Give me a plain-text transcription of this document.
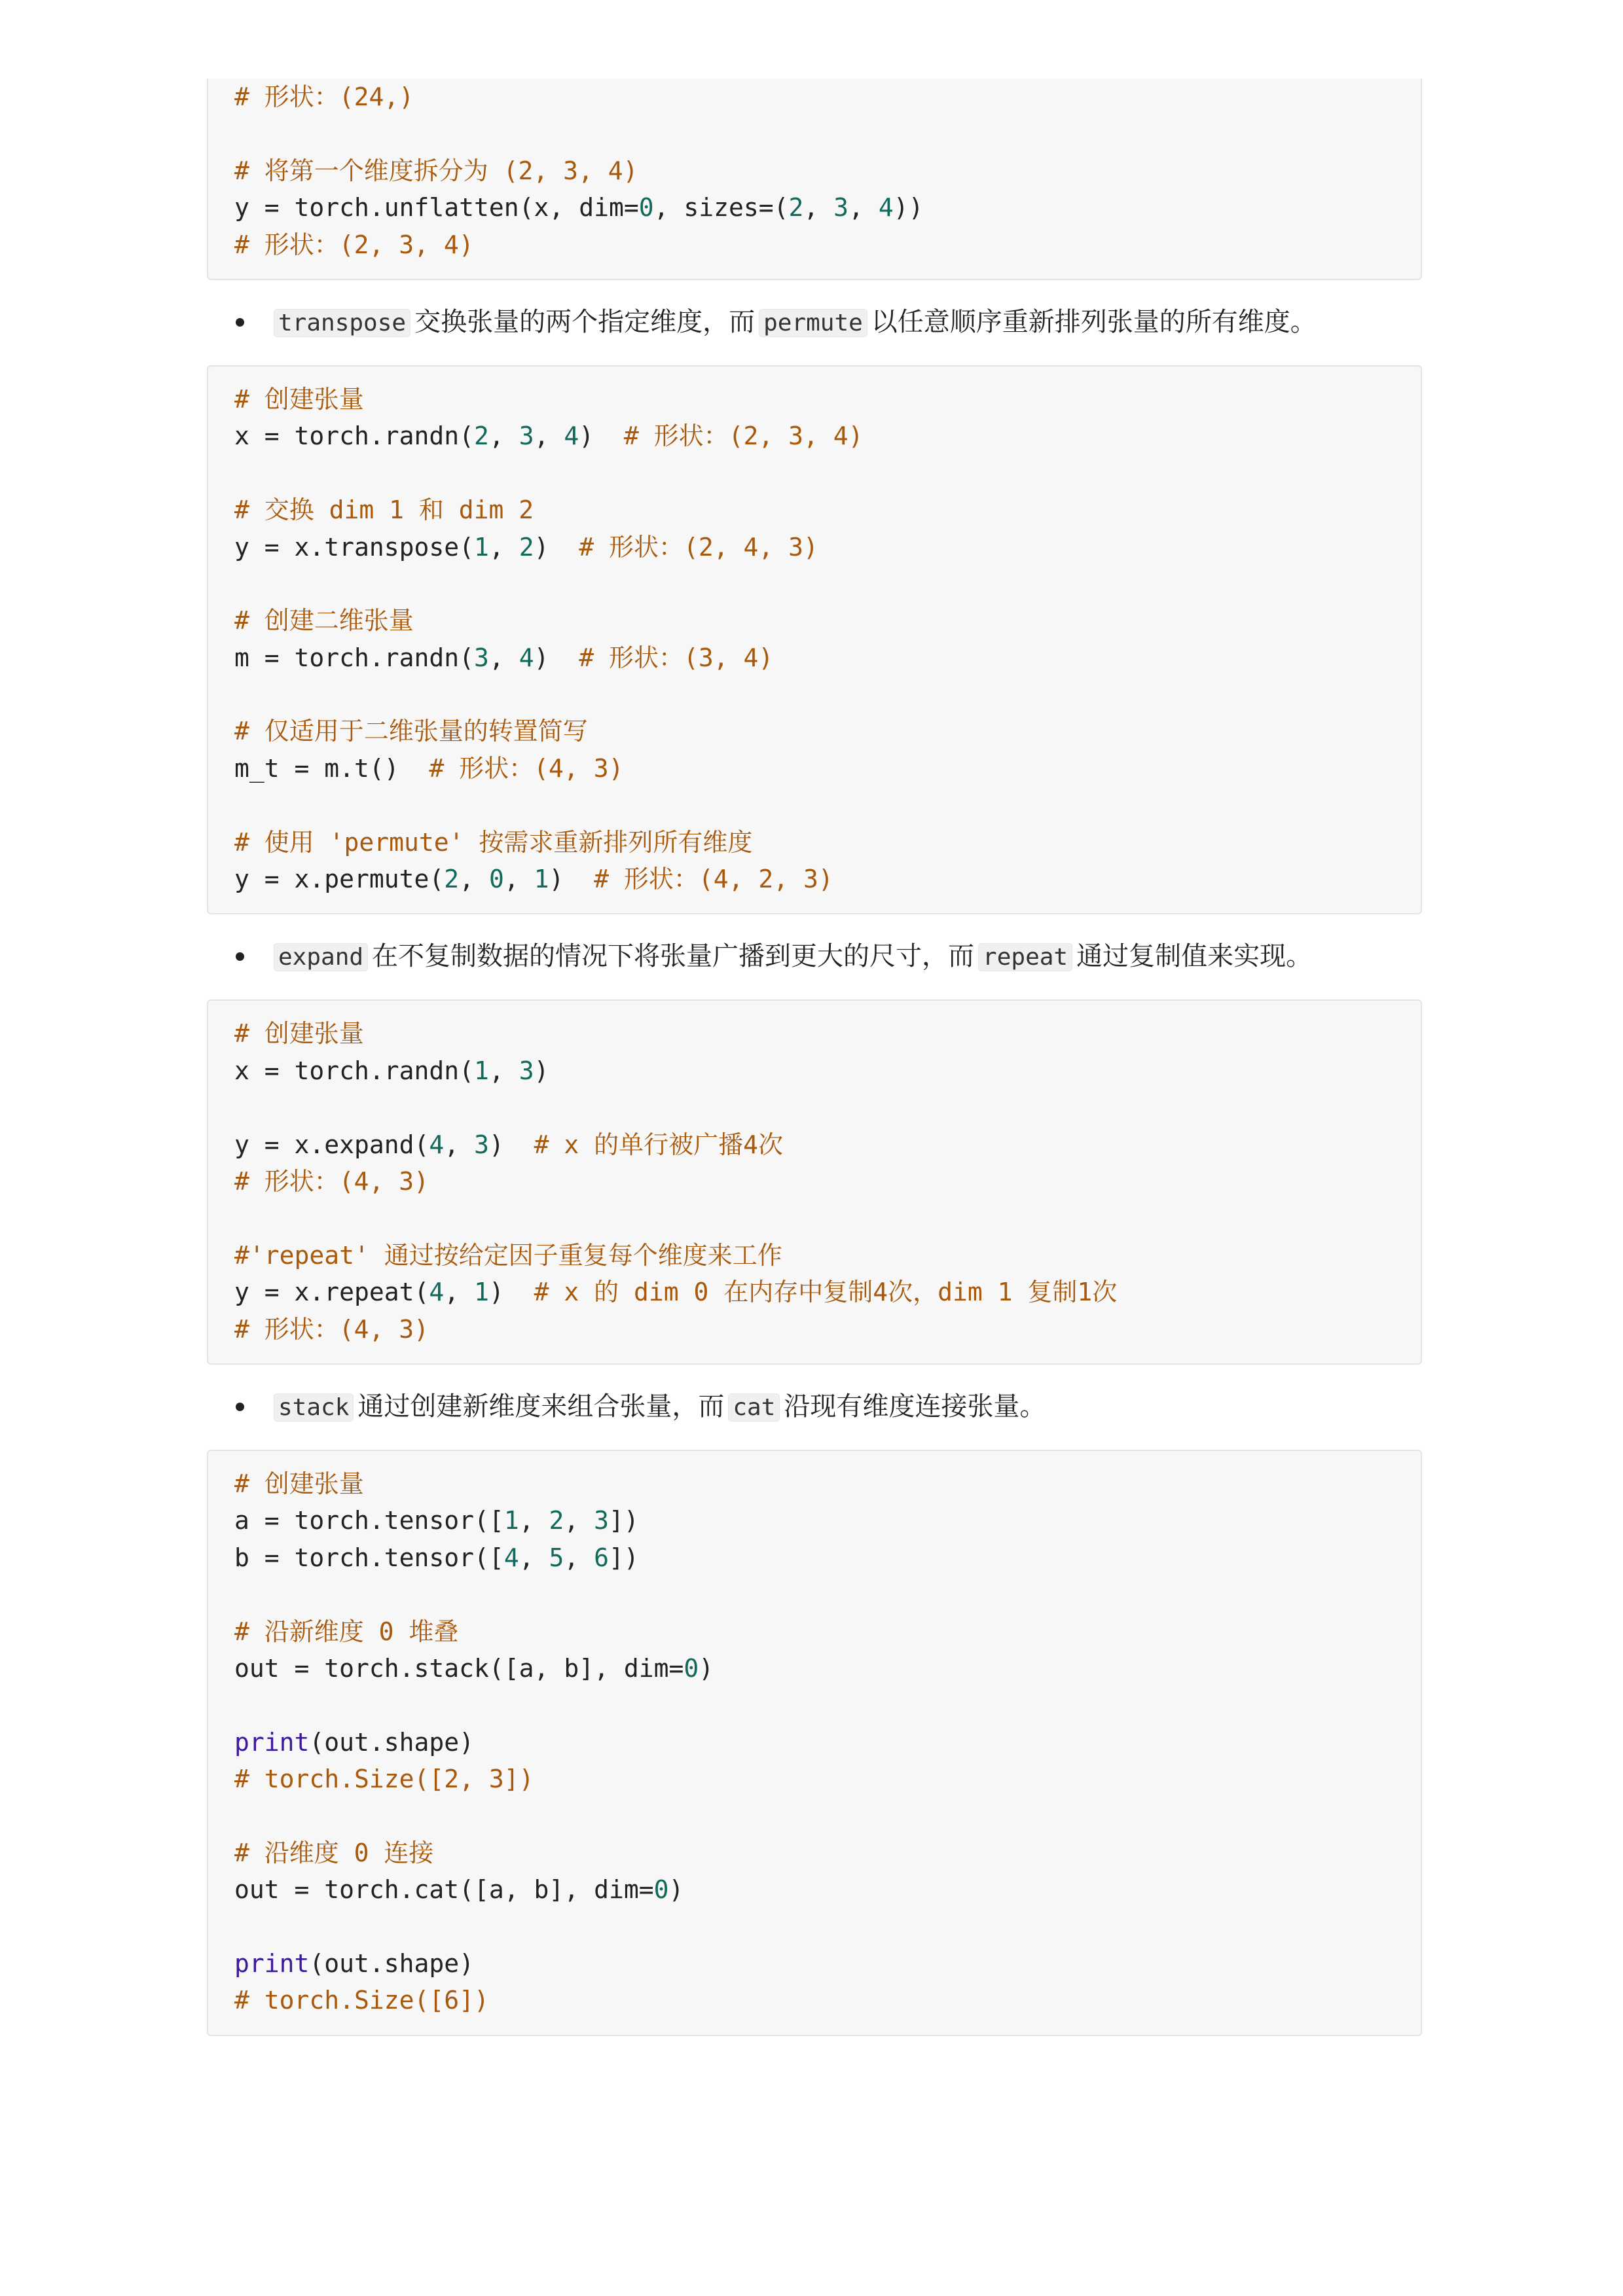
# 形状：(24,)

# 将第一个维度拆分为 (2, 3, 4)
y = torch.unflatten(x, dim=0, sizes=(2, 3, 4))
# 形状：(2, 3, 4)
transpose 交换张量的两个指定维度，而 permute 以任意顺序重新排列张量的所有维度。
# 创建张量
x = torch.randn(2, 3, 4)  # 形状：(2, 3, 4)

# 交换 dim 1 和 dim 2
y = x.transpose(1, 2)  # 形状：(2, 4, 3)

# 创建二维张量
m = torch.randn(3, 4)  # 形状：(3, 4)

# 仅适用于二维张量的转置简写
m_t = m.t()  # 形状：(4, 3)

# 使用 'permute' 按需求重新排列所有维度
y = x.permute(2, 0, 1)  # 形状：(4, 2, 3)
expand 在不复制数据的情况下将张量广播到更大的尺寸，而 repeat 通过复制值来实现。
# 创建张量
x = torch.randn(1, 3)

y = x.expand(4, 3)  # x 的单行被广播4次
# 形状：(4, 3)

#'repeat' 通过按给定因子重复每个维度来工作
y = x.repeat(4, 1)  # x 的 dim 0 在内存中复制4次，dim 1 复制1次
# 形状：(4, 3)
stack 通过创建新维度来组合张量，而 cat 沿现有维度连接张量。
# 创建张量
a = torch.tensor([1, 2, 3])
b = torch.tensor([4, 5, 6])

# 沿新维度 0 堆叠
out = torch.stack([a, b], dim=0)

print(out.shape)
# torch.Size([2, 3])

# 沿维度 0 连接
out = torch.cat([a, b], dim=0)

print(out.shape)
# torch.Size([6])
